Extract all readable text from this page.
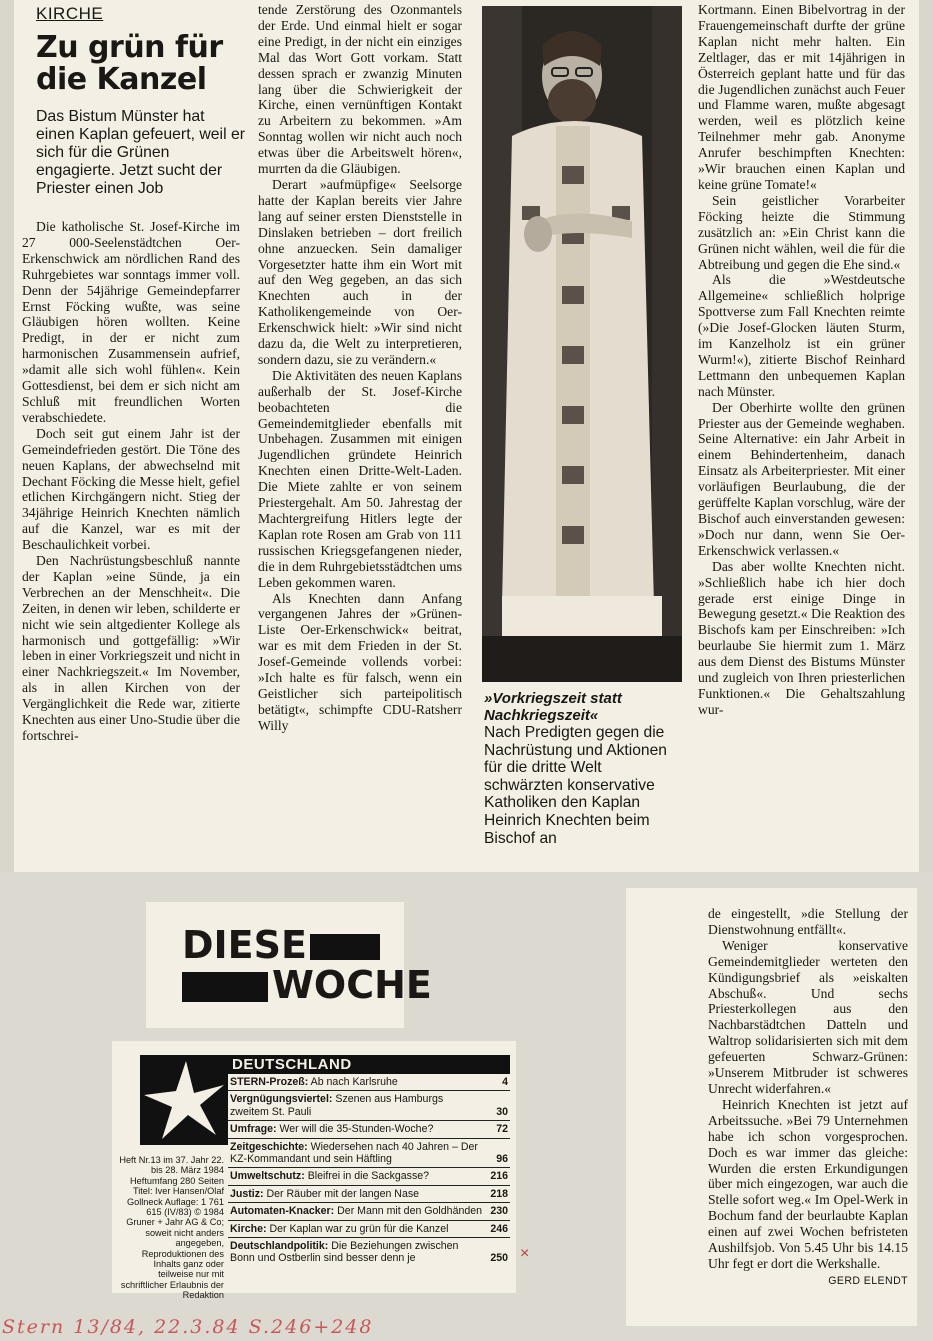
KIRCHE
Zu grün für die Kanzel
Das Bistum Münster hat einen Kaplan gefeuert, weil er sich für die Grünen engagierte. Jetzt sucht der Priester einen Job

Die katholische St. Josef-Kirche im 27 000-Seelenstädtchen Oer-Erkenschwick am nördlichen Rand des Ruhrgebietes war sonntags immer voll. Denn der 54jährige Gemeindepfarrer Ernst Föcking wußte, was seine Gläubigen hören wollten. Keine Predigt, in der er nicht zum harmonischen Zusammensein aufrief, »damit alle sich wohl fühlen«. Kein Gottesdienst, bei dem er sich nicht am Schluß mit freundlichen Worten verabschiedete.

Doch seit gut einem Jahr ist der Gemeindefrieden gestört. Die Töne des neuen Kaplans, der abwechselnd mit Dechant Föcking die Messe hielt, gefiel etlichen Kirchgängern nicht. Stieg der 34jährige Heinrich Knechten nämlich auf die Kanzel, war es mit der Beschaulichkeit vorbei.

Den Nachrüstungsbeschluß nannte der Kaplan »eine Sünde, ja ein Verbrechen an der Menschheit«. Die Zeiten, in denen wir leben, schilderte er nicht wie sein altgedienter Kollege als harmonisch und gottgefällig: »Wir leben in einer Vorkriegszeit und nicht in einer Nachkriegszeit.« Im November, als in allen Kirchen von der Vergänglichkeit die Rede war, zitierte Knechten aus einer Uno-Studie über die fortschrei-

tende Zerstörung des Ozonmantels der Erde. Und einmal hielt er sogar eine Predigt, in der nicht ein einziges Mal das Wort Gott vorkam. Statt dessen sprach er zwanzig Minuten lang über die Schwierigkeit der Kirche, einen vernünftigen Kontakt zu Arbeitern zu bekommen. »Am Sonntag wollen wir nicht auch noch etwas über die Arbeitswelt hören«, murrten da die Gläubigen.

Derart »aufmüpfige« Seelsorge hatte der Kaplan bereits vier Jahre lang auf seiner ersten Dienststelle in Dinslaken betrieben – dort freilich ohne anzuecken. Sein damaliger Vorgesetzter hatte ihm ein Wort mit auf den Weg gegeben, an das sich Knechten auch in der Katholikengemeinde von Oer-Erkenschwick hielt: »Wir sind nicht dazu da, die Welt zu interpretieren, sondern dazu, sie zu verändern.«

Die Aktivitäten des neuen Kaplans außerhalb der St. Josef-Kirche beobachteten die Gemeindemitglieder ebenfalls mit Unbehagen. Zusammen mit einigen Jugendlichen gründete Heinrich Knechten einen Dritte-Welt-Laden. Die Miete zahlte er von seinem Priestergehalt. Am 50. Jahrestag der Machtergreifung Hitlers legte der Kaplan rote Rosen am Grab von 111 russischen Kriegsgefangenen nieder, die in dem Ruhrgebietsstädtchen ums Leben gekommen waren.

Als Knechten dann Anfang vergangenen Jahres der »Grünen-Liste Oer-Erkenschwick« beitrat, war es mit dem Frieden in der St. Josef-Gemeinde vollends vorbei: »Ich halte es für falsch, wenn ein Geistlicher sich parteipolitisch betätigt«, schimpfte CDU-Ratsherr Willy

»Vorkriegszeit statt Nachkriegszeit«
Nach Predigten gegen die Nachrüstung und Aktionen für die dritte Welt schwärzten konservative Katholiken den Kaplan Heinrich Knechten beim Bischof an

Kortmann. Einen Bibelvortrag in der Frauengemeinschaft durfte der grüne Kaplan nicht mehr halten. Ein Zeltlager, das er mit 14jährigen in Österreich geplant hatte und für das die Jugendlichen zunächst auch Feuer und Flamme waren, mußte abgesagt werden, weil es plötzlich keine Teilnehmer mehr gab. Anonyme Anrufer beschimpften Knechten: »Wir brauchen einen Kaplan und keine grüne Tomate!«

Sein geistlicher Vorarbeiter Föcking heizte die Stimmung zusätzlich an: »Ein Christ kann die Grünen nicht wählen, weil die für die Abtreibung und gegen die Ehe sind.«

Als die »Westdeutsche Allgemeine« schließlich holprige Spottverse zum Fall Knechten reimte (»Die Josef-Glocken läuten Sturm, im Kanzelholz ist ein grüner Wurm!«), zitierte Bischof Reinhard Lettmann den unbequemen Kaplan nach Münster.

Der Oberhirte wollte den grünen Priester aus der Gemeinde weghaben. Seine Alternative: ein Jahr Arbeit in einem Behindertenheim, danach Einsatz als Arbeiterpriester. Mit einer vorläufigen Beurlaubung, die der gerüffelte Kaplan vorschlug, wäre der Bischof auch einverstanden gewesen: »Doch nur dann, wenn Sie Oer-Erkenschwick verlassen.«

Das aber wollte Knechten nicht. »Schließlich habe ich hier doch gerade erst einige Dinge in Bewegung gesetzt.« Die Reaktion des Bischofs kam per Einschreiben: »Ich beurlaube Sie hiermit zum 1. März aus dem Dienst des Bistums Münster und zugleich von Ihren priesterlichen Funktionen.« Die Gehaltszahlung wur-

DIESE
WOCHE
Heft Nr.13 im 37. Jahr 22. bis 28. März 1984 Heftumfang 280 Seiten Titel: Iver Hansen/Olaf Gollneck Auflage: 1 761 615 (IV/83) © 1984 Gruner + Jahr AG & Co; soweit nicht anders angegeben, Reproduktionen des Inhalts ganz oder teilweise nur mit schriftlicher Erlaubnis der Redaktion
DEUTSCHLAND
STERN-Prozeß: Ab nach Karlsruhe	4
Vergnügungsviertel: Szenen aus Hamburgs zweitem St. Pauli	30
Umfrage: Wer will die 35-Stunden-Woche?	72
Zeitgeschichte: Wiedersehen nach 40 Jahren – Der KZ-Kommandant und sein Häftling	96
Umweltschutz: Bleifrei in die Sackgasse?	216
Justiz: Der Räuber mit der langen Nase	218
Automaten-Knacker: Der Mann mit den Goldhänden 230
Kirche: Der Kaplan war zu grün für die Kanzel	246
Deutschlandpolitik: Die Beziehungen zwischen Bonn und Ostberlin sind besser denn je	250 ×

de eingestellt, »die Stellung der Dienstwohnung entfällt«.

Weniger konservative Gemeindemitglieder werteten den Kündigungsbrief als »eiskalten Abschuß«. Und sechs Priesterkollegen aus den Nachbarstädtchen Datteln und Waltrop solidarisierten sich mit dem gefeuerten Schwarz-Grünen: »Unserem Mitbruder ist schweres Unrecht widerfahren.«

Heinrich Knechten ist jetzt auf Arbeitssuche. »Bei 79 Unternehmen habe ich schon vorgesprochen. Doch es war immer das gleiche: Wurden die ersten Erkundigungen über mich eingezogen, war auch die Stelle sofort weg.« Im Opel-Werk in Bochum fand der beurlaubte Kaplan einen auf zwei Wochen befristeten Aushilfsjob. Von 5.45 Uhr bis 14.15 Uhr fegt er dort die Werkshalle.

GERD ELENDT
Stern 13/84, 22.3.84 S.246+248
